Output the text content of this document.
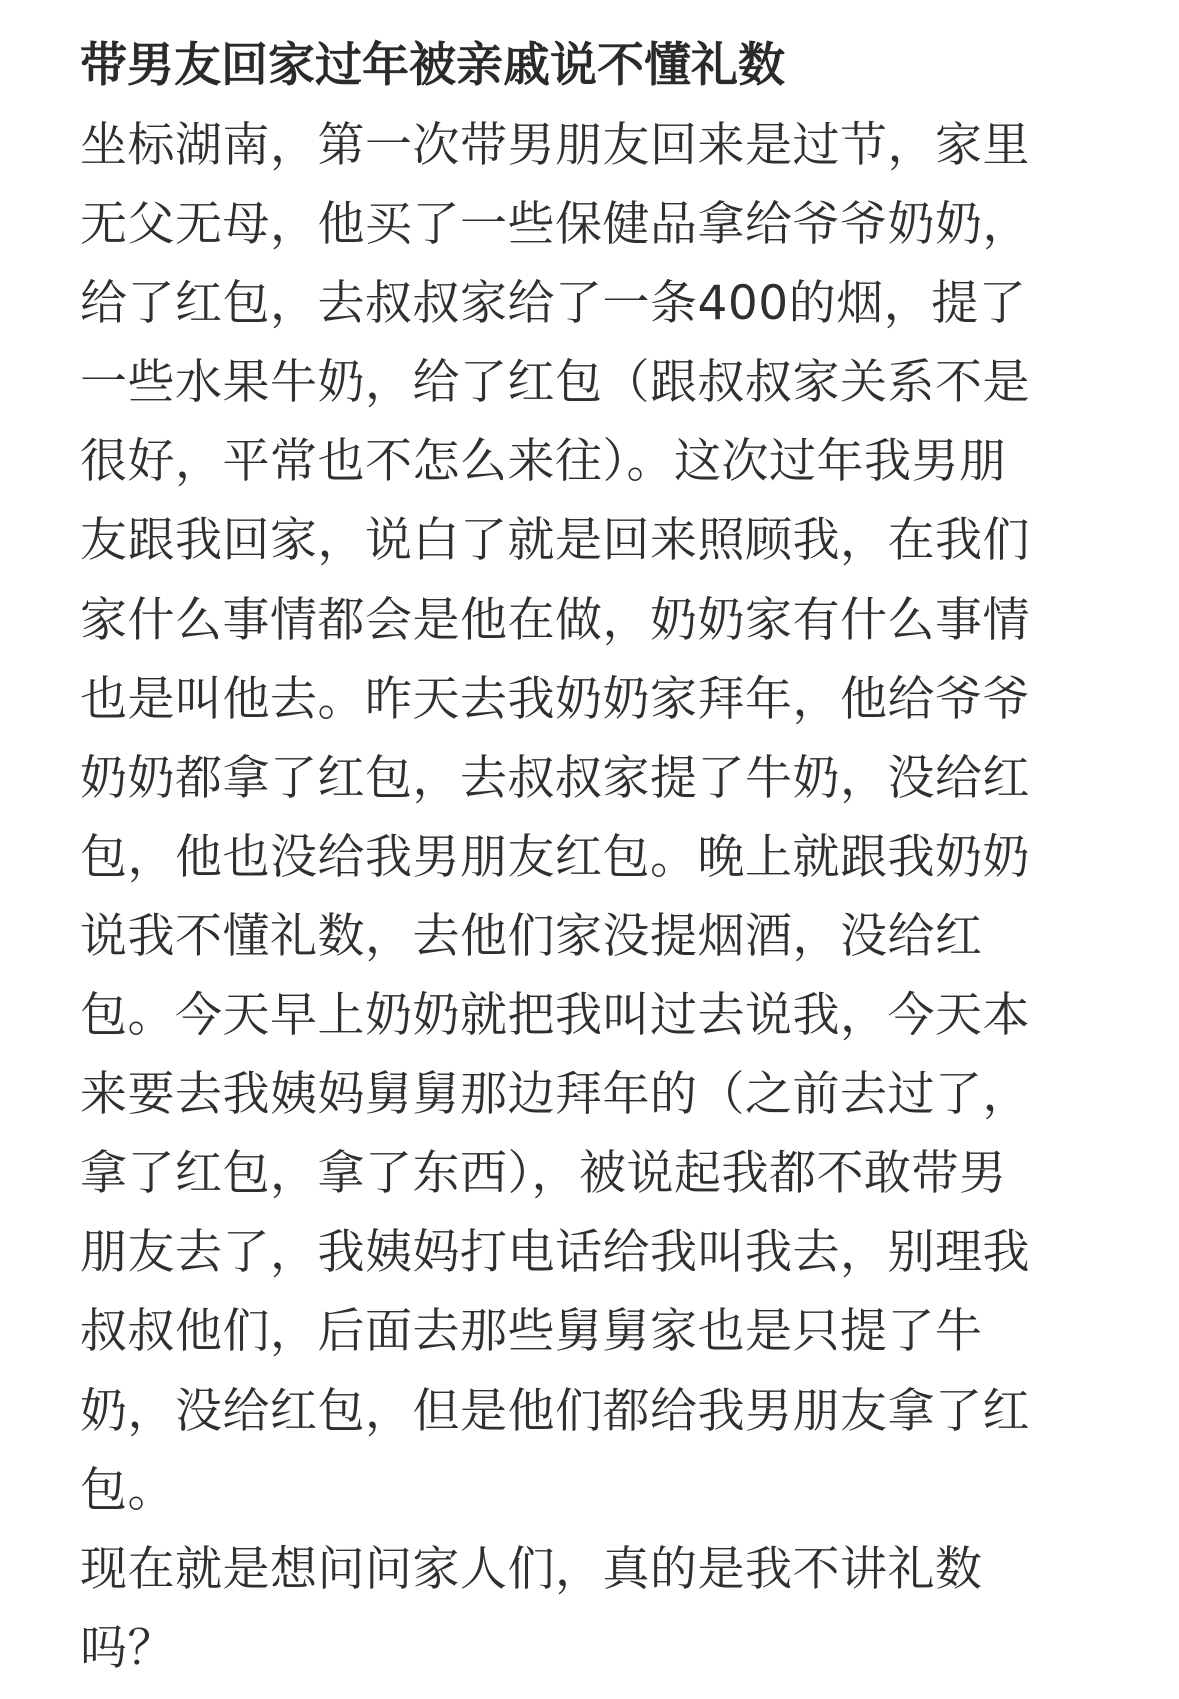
带男友回家过年被亲戚说不懂礼数
坐标湖南，第一次带男朋友回来是过节，家里
无父无母，他买了一些保健品拿给爷爷奶奶，
给了红包，去叔叔家给了一条400的烟，提了
一些水果牛奶，给了红包（跟叔叔家关系不是
很好，平常也不怎么来往）。这次过年我男朋
友跟我回家，说白了就是回来照顾我，在我们
家什么事情都会是他在做，奶奶家有什么事情
也是叫他去。昨天去我奶奶家拜年，他给爷爷
奶奶都拿了红包，去叔叔家提了牛奶，没给红
包，他也没给我男朋友红包。晚上就跟我奶奶
说我不懂礼数，去他们家没提烟酒，没给红
包。今天早上奶奶就把我叫过去说我，今天本
来要去我姨妈舅舅那边拜年的（之前去过了，
拿了红包，拿了东西），被说起我都不敢带男
朋友去了，我姨妈打电话给我叫我去，别理我
叔叔他们，后面去那些舅舅家也是只提了牛
奶，没给红包，但是他们都给我男朋友拿了红
包。
现在就是想问问家人们，真的是我不讲礼数
吗？
